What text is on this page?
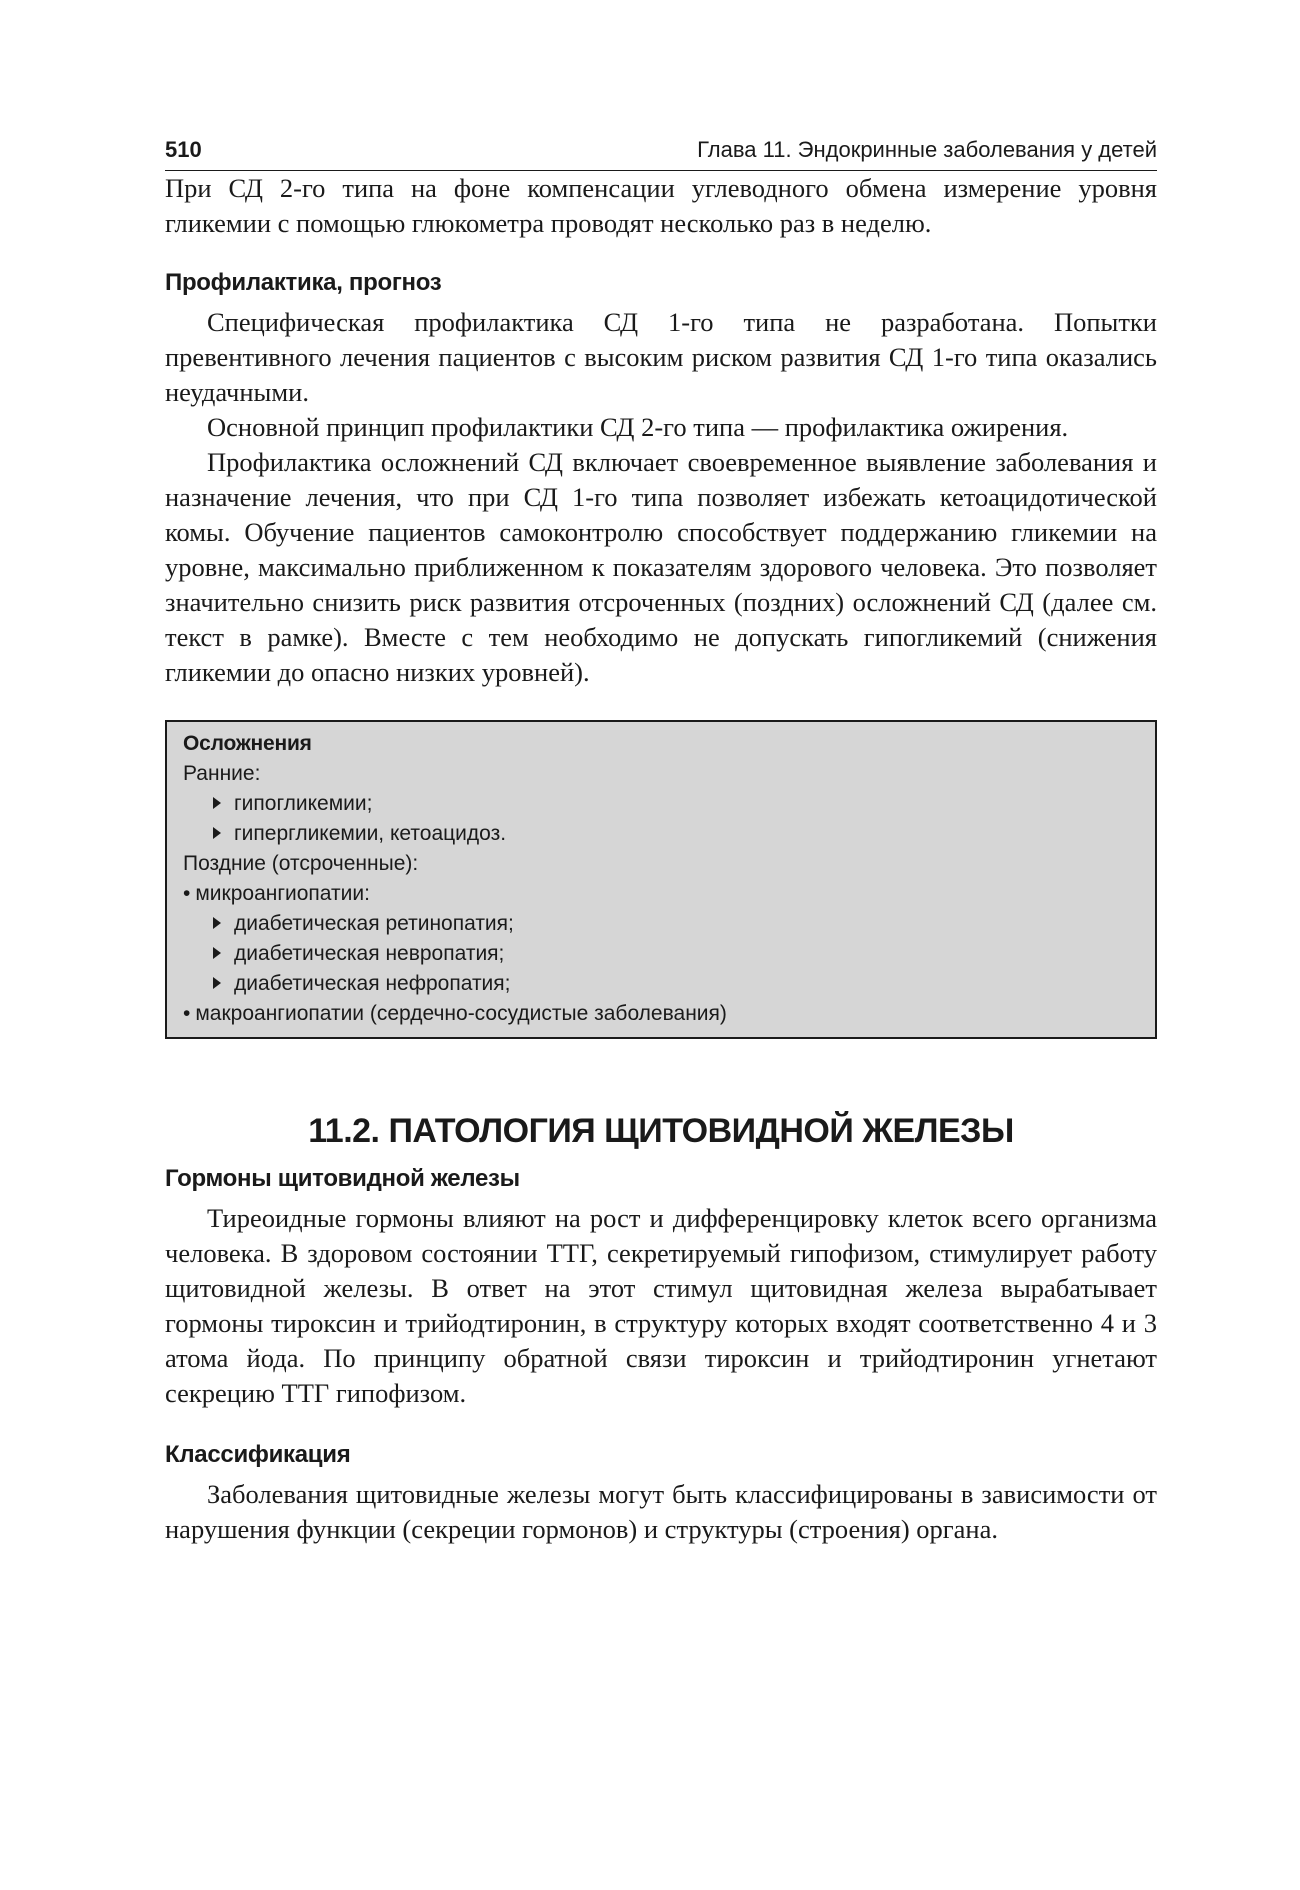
510	Глава 11. Эндокринные заболевания у детей

При СД 2-го типа на фоне компенсации углеводного обмена измерение уровня гликемии с помощью глюкометра проводят несколько раз в неделю.

Профилактика, прогноз

Специфическая профилактика СД 1-го типа не разработана. Попытки превентивного лечения пациентов с высоким риском развития СД 1-го типа оказались неудачными.

Основной принцип профилактики СД 2-го типа — профилактика ожирения.

Профилактика осложнений СД включает своевременное выявление заболевания и назначение лечения, что при СД 1-го типа позволяет избежать кетоацидотической комы. Обучение пациентов самоконтролю способствует поддержанию гликемии на уровне, максимально приближенном к показателям здорового человека. Это позволяет значительно снизить риск развития отсроченных (поздних) осложнений СД (далее см. текст в рамке). Вместе с тем необходимо не допускать гипогликемий (снижения гликемии до опасно низких уровней).

Осложнения
Ранние:
гипогликемии;
гипергликемии, кетоацидоз.
Поздние (отсроченные):
• микроангиопатии:
диабетическая ретинопатия;
диабетическая невропатия;
диабетическая нефропатия;
• макроангиопатии (сердечно-сосудистые заболевания)
11.2. ПАТОЛОГИЯ ЩИТОВИДНОЙ ЖЕЛЕЗЫ
Гормоны щитовидной железы

Тиреоидные гормоны влияют на рост и дифференцировку клеток всего организма человека. В здоровом состоянии ТТГ, секретируемый гипофизом, стимулирует работу щитовидной железы. В ответ на этот стимул щитовидная железа вырабатывает гормоны тироксин и трийодтиронин, в структуру которых входят соответственно 4 и 3 атома йода. По принципу обратной связи тироксин и трийодтиронин угнетают секрецию ТТГ гипофизом.

Классификация

Заболевания щитовидные железы могут быть классифицированы в зависимости от нарушения функции (секреции гормонов) и структуры (строения) органа.
